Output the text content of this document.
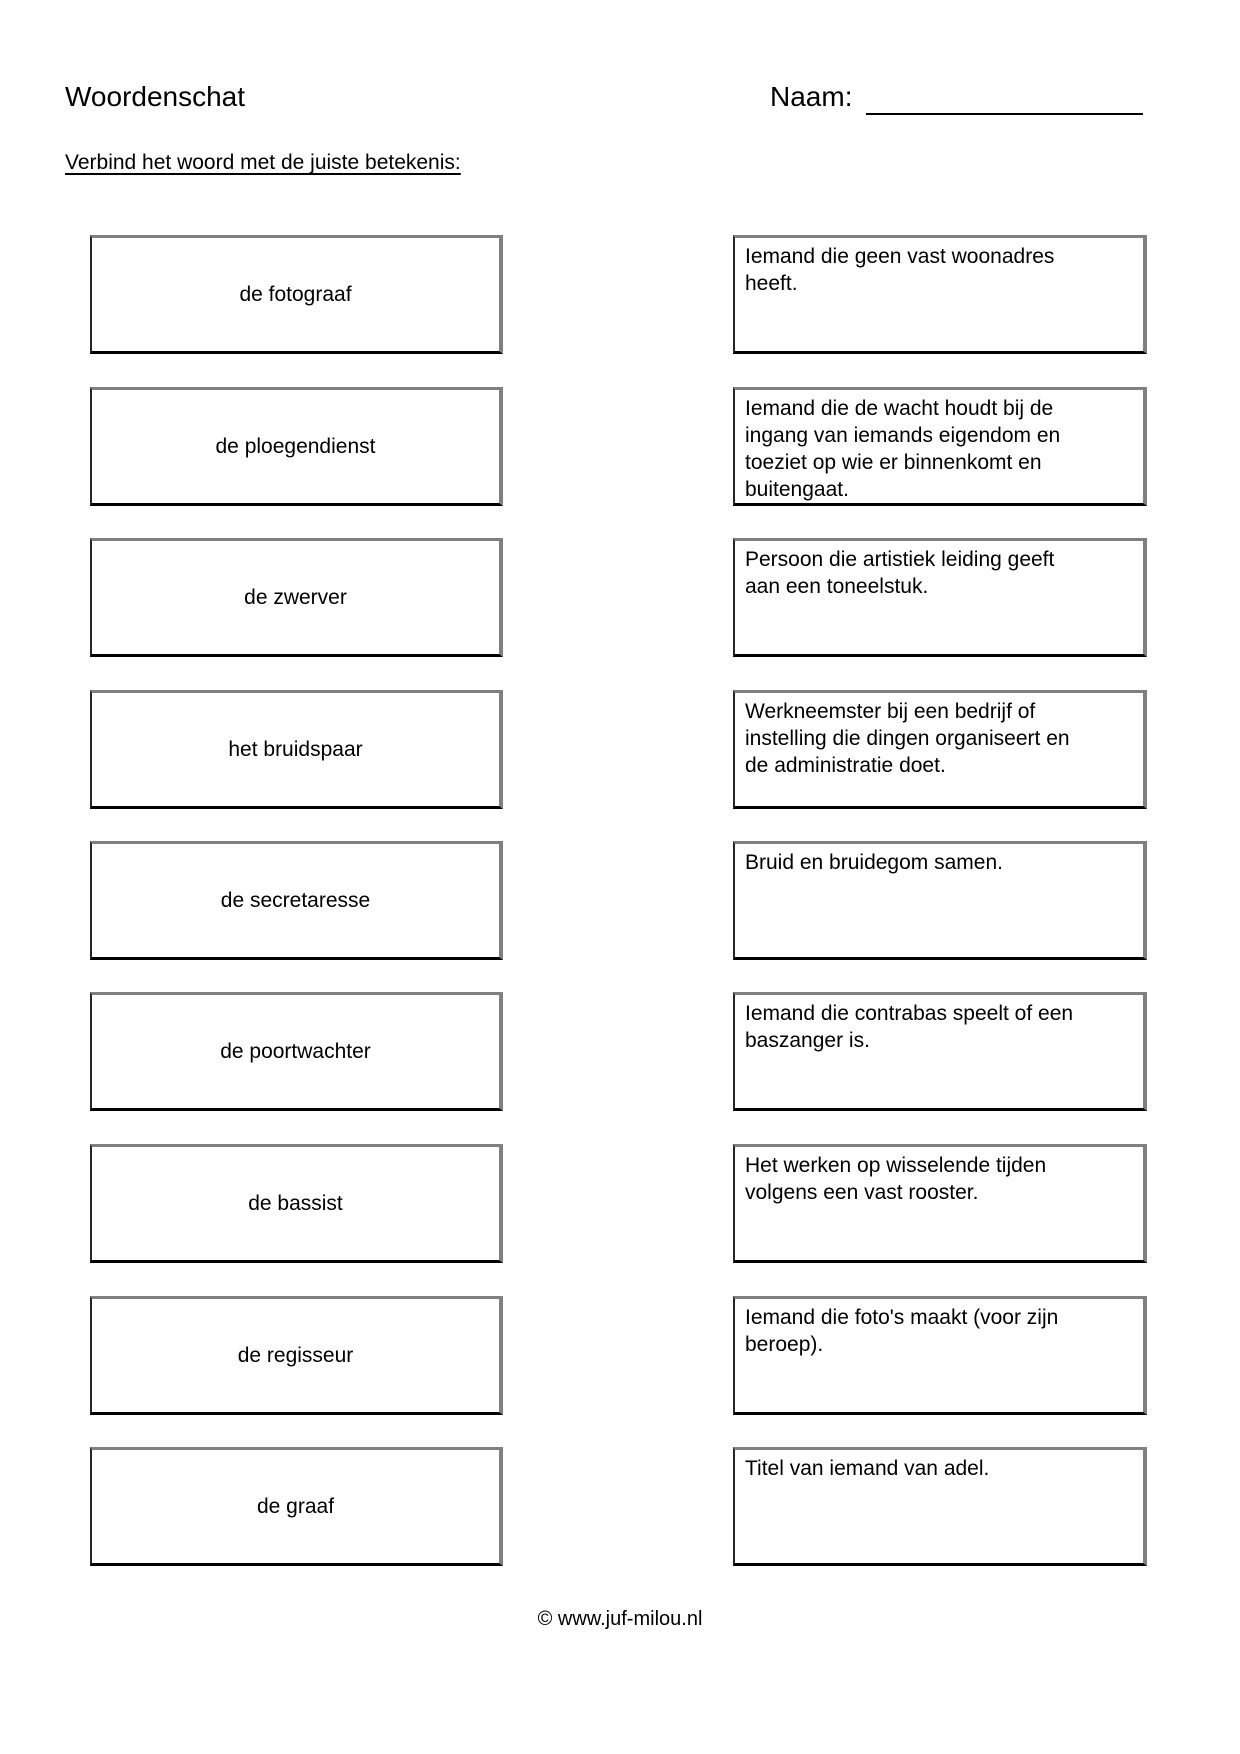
Woordenschat	Naam:
Verbind het woord met de juiste betekenis:
de fotograaf
de ploegendienst
de zwerver
het bruidspaar
de secretaresse
de poortwachter
de bassist
de regisseur
de graaf
Iemand die geen vast woonadres
heeft.
Iemand die de wacht houdt bij de
ingang van iemands eigendom en
toeziet op wie er binnenkomt en
buitengaat.
Persoon die artistiek leiding geeft
aan een toneelstuk.
Werkneemster bij een bedrijf of
instelling die dingen organiseert en
de administratie doet.
Bruid en bruidegom samen.
Iemand die contrabas speelt of een
baszanger is.
Het werken op wisselende tijden
volgens een vast rooster.
Iemand die foto's maakt (voor zijn
beroep).
Titel van iemand van adel.
© www.juf-milou.nl
